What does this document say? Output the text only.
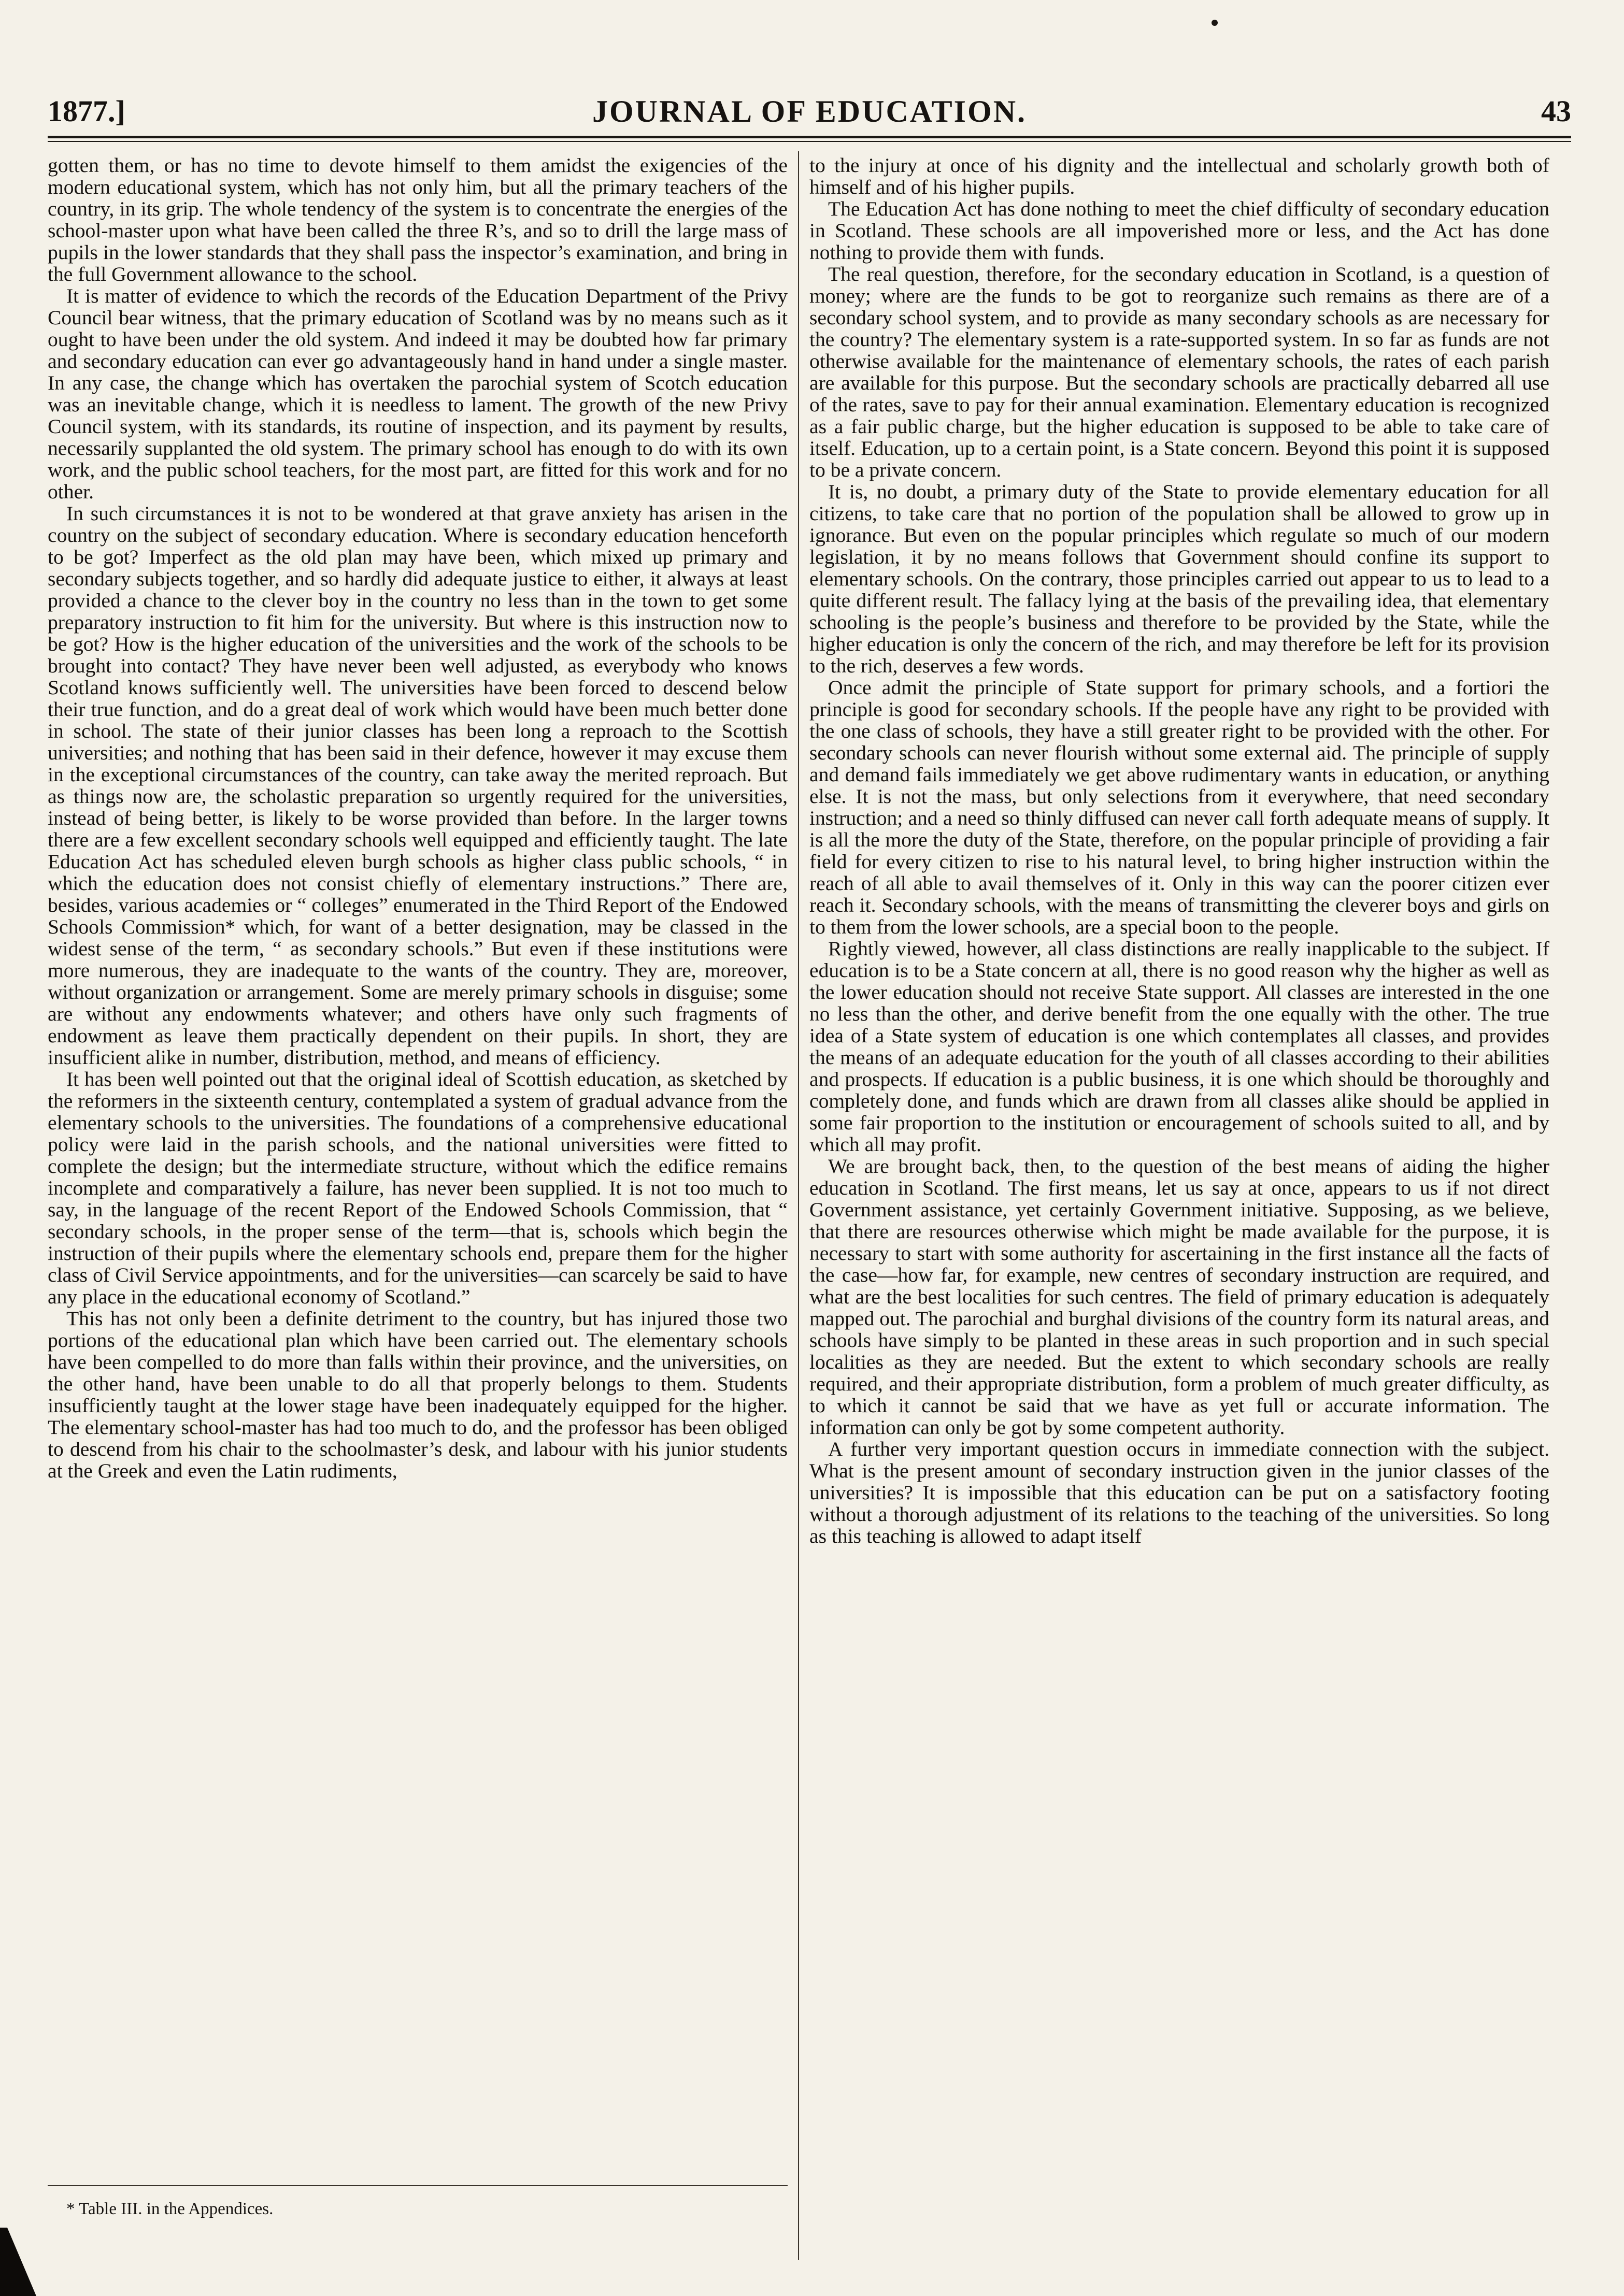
1877.]	JOURNAL OF EDUCATION.	43

gotten them, or has no time to devote himself to them amidst the exigencies of the modern educational system, which has not only him, but all the primary teachers of the country, in its grip. The whole tendency of the system is to concentrate the energies of the school-master upon what have been called the three R’s, and so to drill the large mass of pupils in the lower standards that they shall pass the inspector’s examination, and bring in the full Government allowance to the school.

It is matter of evidence to which the records of the Education Department of the Privy Council bear witness, that the primary education of Scotland was by no means such as it ought to have been under the old system. And indeed it may be doubted how far primary and secondary education can ever go advantageously hand in hand under a single master. In any case, the change which has overtaken the parochial system of Scotch education was an inevitable change, which it is needless to lament. The growth of the new Privy Council system, with its standards, its routine of inspection, and its payment by results, necessarily supplanted the old system. The primary school has enough to do with its own work, and the public school teachers, for the most part, are fitted for this work and for no other.

In such circumstances it is not to be wondered at that grave anxiety has arisen in the country on the subject of secondary education. Where is secondary education henceforth to be got? Imperfect as the old plan may have been, which mixed up primary and secondary subjects together, and so hardly did adequate justice to either, it always at least provided a chance to the clever boy in the country no less than in the town to get some preparatory instruction to fit him for the university. But where is this instruction now to be got? How is the higher education of the universities and the work of the schools to be brought into contact? They have never been well adjusted, as everybody who knows Scotland knows sufficiently well. The universities have been forced to descend below their true function, and do a great deal of work which would have been much better done in school. The state of their junior classes has been long a reproach to the Scottish universities; and nothing that has been said in their defence, however it may excuse them in the exceptional circumstances of the country, can take away the merited reproach. But as things now are, the scholastic preparation so urgently required for the universities, instead of being better, is likely to be worse provided than before. In the larger towns there are a few excellent secondary schools well equipped and efficiently taught. The late Education Act has scheduled eleven burgh schools as higher class public schools, “ in which the education does not consist chiefly of elementary instructions.” There are, besides, various academies or “ colleges” enumerated in the Third Report of the Endowed Schools Commission* which, for want of a better designation, may be classed in the widest sense of the term, “ as secondary schools.” But even if these institutions were more numerous, they are inadequate to the wants of the country. They are, moreover, without organization or arrangement. Some are merely primary schools in disguise; some are without any endowments whatever; and others have only such fragments of endowment as leave them practically dependent on their pupils. In short, they are insufficient alike in number, distribution, method, and means of efficiency.

It has been well pointed out that the original ideal of Scottish education, as sketched by the reformers in the sixteenth century, contemplated a system of gradual advance from the elementary schools to the universities. The foundations of a comprehensive educational policy were laid in the parish schools, and the national universities were fitted to complete the design; but the intermediate structure, without which the edifice remains incomplete and comparatively a failure, has never been supplied. It is not too much to say, in the language of the recent Report of the Endowed Schools Commission, that “ secondary schools, in the proper sense of the term—that is, schools which begin the instruction of their pupils where the elementary schools end, prepare them for the higher class of Civil Service appointments, and for the universities—can scarcely be said to have any place in the educational economy of Scotland.”

This has not only been a definite detriment to the country, but has injured those two portions of the educational plan which have been carried out. The elementary schools have been compelled to do more than falls within their province, and the universities, on the other hand, have been unable to do all that properly belongs to them. Students insufficiently taught at the lower stage have been inadequately equipped for the higher. The elementary school-master has had too much to do, and the professor has been obliged to descend from his chair to the schoolmaster’s desk, and labour with his junior students at the Greek and even the Latin rudiments,

to the injury at once of his dignity and the intellectual and scholarly growth both of himself and of his higher pupils.

The Education Act has done nothing to meet the chief difficulty of secondary education in Scotland. These schools are all impoverished more or less, and the Act has done nothing to provide them with funds.

The real question, therefore, for the secondary education in Scotland, is a question of money; where are the funds to be got to reorganize such remains as there are of a secondary school system, and to provide as many secondary schools as are necessary for the country? The elementary system is a rate-supported system. In so far as funds are not otherwise available for the maintenance of elementary schools, the rates of each parish are available for this purpose. But the secondary schools are practically debarred all use of the rates, save to pay for their annual examination. Elementary education is recognized as a fair public charge, but the higher education is supposed to be able to take care of itself. Education, up to a certain point, is a State concern. Beyond this point it is supposed to be a private concern.

It is, no doubt, a primary duty of the State to provide elementary education for all citizens, to take care that no portion of the population shall be allowed to grow up in ignorance. But even on the popular principles which regulate so much of our modern legislation, it by no means follows that Government should confine its support to elementary schools. On the contrary, those principles carried out appear to us to lead to a quite different result. The fallacy lying at the basis of the prevailing idea, that elementary schooling is the people’s business and therefore to be provided by the State, while the higher education is only the concern of the rich, and may therefore be left for its provision to the rich, deserves a few words.

Once admit the principle of State support for primary schools, and a fortiori the principle is good for secondary schools. If the people have any right to be provided with the one class of schools, they have a still greater right to be provided with the other. For secondary schools can never flourish without some external aid. The principle of supply and demand fails immediately we get above rudimentary wants in education, or anything else. It is not the mass, but only selections from it everywhere, that need secondary instruction; and a need so thinly diffused can never call forth adequate means of supply. It is all the more the duty of the State, therefore, on the popular principle of providing a fair field for every citizen to rise to his natural level, to bring higher instruction within the reach of all able to avail themselves of it. Only in this way can the poorer citizen ever reach it. Secondary schools, with the means of transmitting the cleverer boys and girls on to them from the lower schools, are a special boon to the people.

Rightly viewed, however, all class distinctions are really inapplicable to the subject. If education is to be a State concern at all, there is no good reason why the higher as well as the lower education should not receive State support. All classes are interested in the one no less than the other, and derive benefit from the one equally with the other. The true idea of a State system of education is one which contemplates all classes, and provides the means of an adequate education for the youth of all classes according to their abilities and prospects. If education is a public business, it is one which should be thoroughly and completely done, and funds which are drawn from all classes alike should be applied in some fair proportion to the institution or encouragement of schools suited to all, and by which all may profit.

We are brought back, then, to the question of the best means of aiding the higher education in Scotland. The first means, let us say at once, appears to us if not direct Government assistance, yet certainly Government initiative. Supposing, as we believe, that there are resources otherwise which might be made available for the purpose, it is necessary to start with some authority for ascertaining in the first instance all the facts of the case—how far, for example, new centres of secondary instruction are required, and what are the best localities for such centres. The field of primary education is adequately mapped out. The parochial and burghal divisions of the country form its natural areas, and schools have simply to be planted in these areas in such proportion and in such special localities as they are needed. But the extent to which secondary schools are really required, and their appropriate distribution, form a problem of much greater difficulty, as to which it cannot be said that we have as yet full or accurate information. The information can only be got by some competent authority.

A further very important question occurs in immediate connection with the subject. What is the present amount of secondary instruction given in the junior classes of the universities? It is impossible that this education can be put on a satisfactory footing without a thorough adjustment of its relations to the teaching of the universities. So long as this teaching is allowed to adapt itself

* Table III. in the Appendices.
